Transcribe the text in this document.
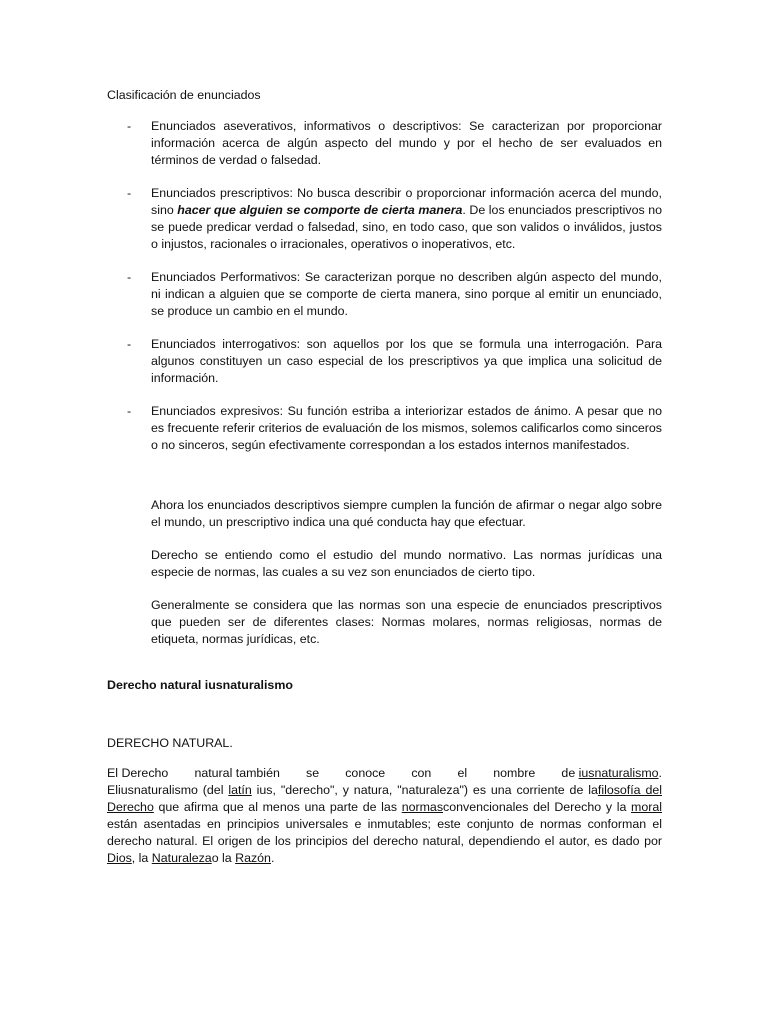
Clasificación de enunciados

- Enunciados aseverativos, informativos o descriptivos: Se caracterizan por proporcionar información acerca de algún aspecto del mundo y por el hecho de ser evaluados en términos de verdad o falsedad.

- Enunciados prescriptivos: No busca describir o proporcionar información acerca del mundo, sino hacer que alguien se comporte de cierta manera. De los enunciados prescriptivos no se puede predicar verdad o falsedad, sino, en todo caso, que son validos o inválidos, justos o injustos, racionales o irracionales, operativos o inoperativos, etc.

- Enunciados Performativos: Se caracterizan porque no describen algún aspecto del mundo, ni indican a alguien que se comporte de cierta manera, sino porque al emitir un enunciado, se produce un cambio en el mundo.

- Enunciados interrogativos: son aquellos por los que se formula una interrogación. Para algunos constituyen un caso especial de los prescriptivos ya que implica una solicitud de información.

- Enunciados expresivos: Su función estriba a interiorizar estados de ánimo. A pesar que no es frecuente referir criterios de evaluación de los mismos, solemos calificarlos como sinceros o no sinceros, según efectivamente correspondan a los estados internos manifestados.

Ahora los enunciados descriptivos siempre cumplen la función de afirmar o negar algo sobre el mundo, un prescriptivo indica una qué conducta hay que efectuar.

Derecho se entiendo como el estudio del mundo normativo. Las normas jurídicas una especie de normas, las cuales a su vez son enunciados de cierto tipo.

Generalmente se considera que las normas son una especie de enunciados prescriptivos que pueden ser de diferentes clases: Normas molares, normas religiosas, normas de etiqueta, normas jurídicas, etc.

Derecho natural iusnaturalismo

DERECHO NATURAL.

El Derecho natural también se conoce con el nombre de iusnaturalismo.

Eliusnaturalismo (del latín ius, "derecho", y natura, "naturaleza") es una corriente de lafilosofía del Derecho que afirma que al menos una parte de las normasconvencionales del Derecho y la moral están asentadas en principios universales e inmutables; este conjunto de normas conforman el derecho natural. El origen de los principios del derecho natural, dependiendo el autor, es dado por Dios, la Naturalezao la Razón.
